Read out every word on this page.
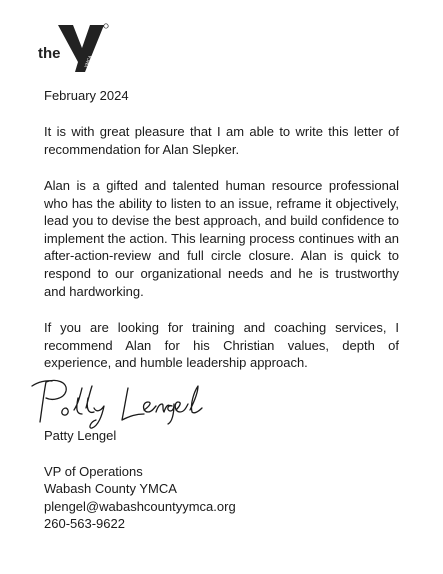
the	YMCA
February 2024

It is with great pleasure that I am able to write this letter of recommendation for Alan Slepker.

Alan is a gifted and talented human resource professional who has the ability to listen to an issue, reframe it objectively, lead you to devise the best approach, and build confidence to implement the action. This learning process continues with an after-action-review and full circle closure. Alan is quick to respond to our organizational needs and he is trustworthy and hardworking.

If you are looking for training and coaching services, I recommend Alan for his Christian values, depth of experience, and humble leadership approach.

Patty Lengel
VP of Operations
Wabash County YMCA
plengel@wabashcountyymca.org
260-563-9622
